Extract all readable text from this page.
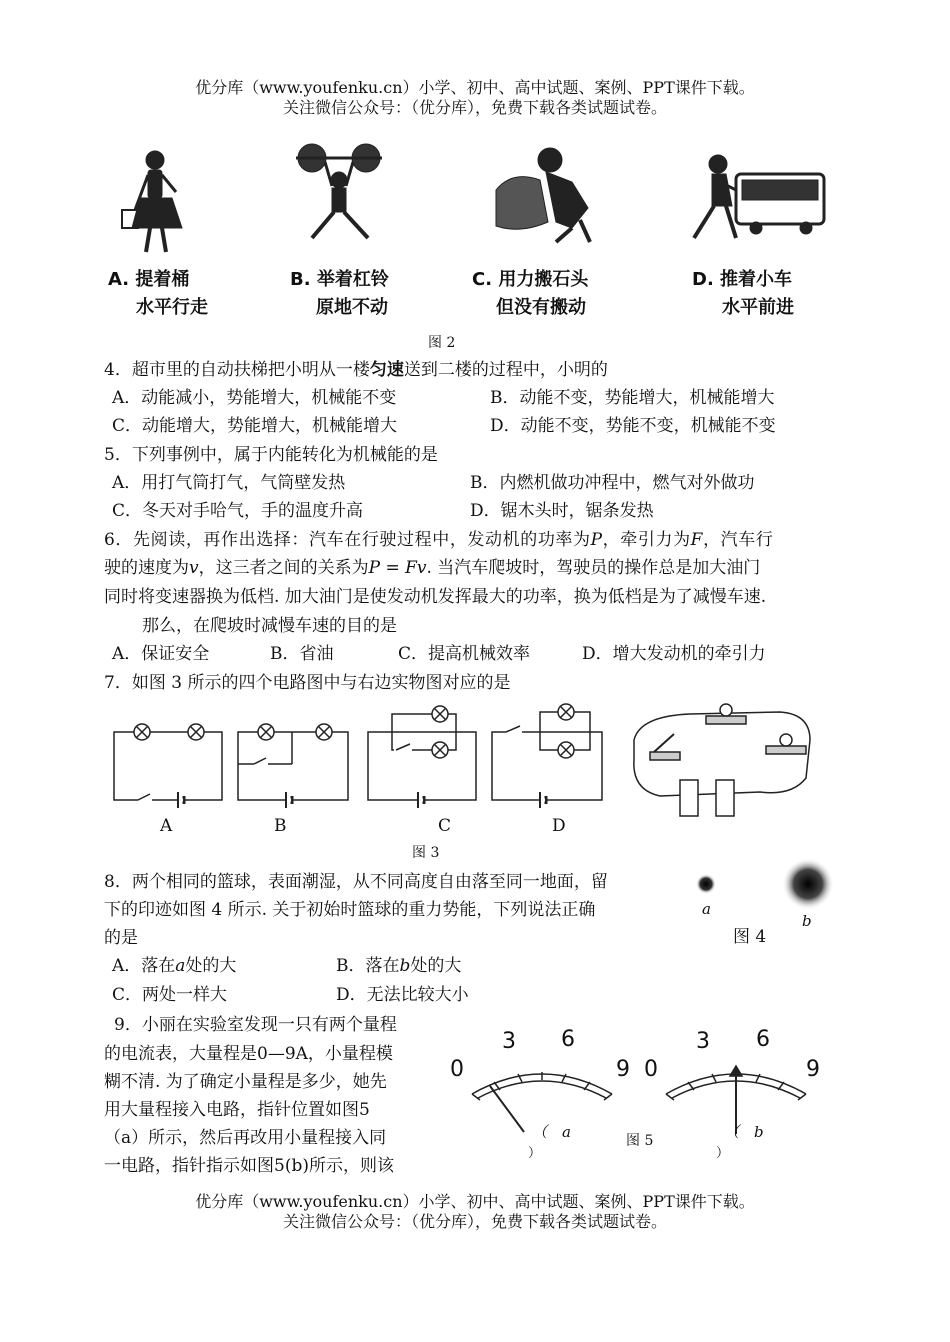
优分库（www.youfenku.cn）小学、初中、高中试题、案例、PPT课件下载。
关注微信公众号：（优分库），免费下载各类试题试卷。
A. 提着桶
水平行走
B. 举着杠铃
原地不动
C. 用力搬石头
但没有搬动
D. 推着小车
水平前进
图 2
4．超市里的自动扶梯把小明从一楼匀速送到二楼的过程中，小明的
A．动能减小，势能增大，机械能不变	B．动能不变，势能增大，机械能增大
C．动能增大，势能增大，机械能增大	D．动能不变，势能不变，机械能不变
5．下列事例中，属于内能转化为机械能的是
A．用打气筒打气，气筒壁发热	B．内燃机做功冲程中，燃气对外做功
C．冬天对手哈气，手的温度升高	D．锯木头时，锯条发热
6．先阅读，再作出选择：汽车在行驶过程中，发动机的功率为P，牵引力为F，汽车行
驶的速度为v，这三者之间的关系为P = Fv. 当汽车爬坡时，驾驶员的操作总是加大油门
同时将变速器换为低档. 加大油门是使发动机发挥最大的功率，换为低档是为了减慢车速.
那么，在爬坡时减慢车速的目的是
A．保证安全	B．省油	C．提高机械效率	D．增大发动机的牵引力
7．如图 3 所示的四个电路图中与右边实物图对应的是
A	B	C	D
图 3
8．两个相同的篮球，表面潮湿，从不同高度自由落至同一地面，留
下的印迹如图 4 所示. 关于初始时篮球的重力势能，下列说法正确
的是
A．落在a处的大	B．落在b处的大
C．两处一样大	D．无法比较大小
a
b
图 4
9．小丽在实验室发现一只有两个量程
的电流表，大量程是0—9A，小量程模
糊不清. 为了确定小量程是多少，她先
用大量程接入电路，指针位置如图5
（a）所示，然后再改用小量程接入同
一电路，指针指示如图5(b)所示，则该
0
3 6
9 0
3 6
9
（　a
）
图 5	（　b
）
优分库（www.youfenku.cn）小学、初中、高中试题、案例、PPT课件下载。
关注微信公众号：（优分库），免费下载各类试题试卷。
